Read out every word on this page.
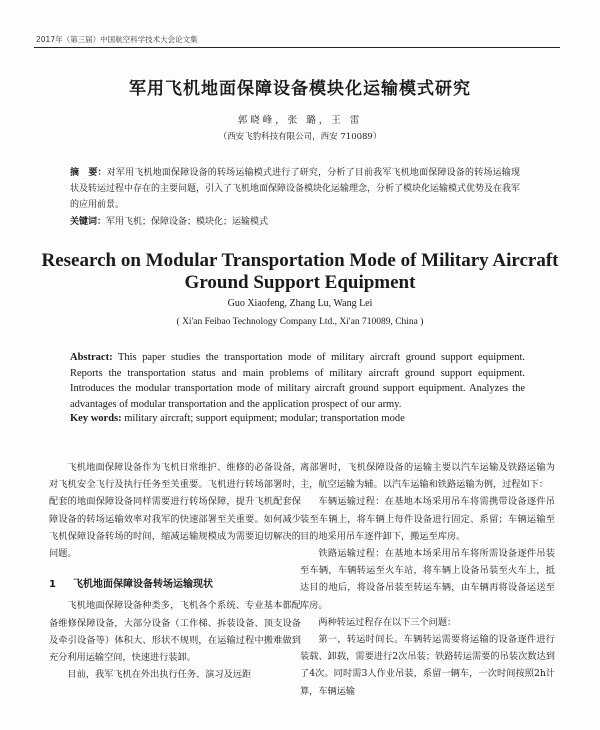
2017年（第三届）中国航空科学技术大会论文集
军用飞机地面保障设备模块化运输模式研究
郭晓峰，张 璐，王 雷
（西安飞豹科技有限公司，西安 710089）
摘　要：对军用飞机地面保障设备的转场运输模式进行了研究，分析了目前我军飞机地面保障设备的转场运输现状及转运过程中存在的主要问题，引入了飞机地面保障设备模块化运输理念，分析了模块化运输模式优势及在我军的应用前景。
关键词：军用飞机；保障设备；模块化；运输模式
Research on Modular Transportation Mode of Military Aircraft Ground Support Equipment
Guo Xiaofeng, Zhang Lu, Wang Lei
( Xi'an Feibao Technology Company Ltd., Xi'an 710089, China )
Abstract: This paper studies the transportation mode of military aircraft ground support equipment. Reports the transportation status and main problems of military aircraft ground support equipment. Introduces the modular transportation mode of military aircraft ground support equipment. Analyzes the advantages of modular transportation and the application prospect of our army.
Key words: military aircraft; support equipment; modular; transportation mode

飞机地面保障设备作为飞机日常维护、维修的必备设备，对飞机安全飞行及执行任务至关重要。飞机进行转场部署时，配套的地面保障设备同样需要进行转场保障，提升飞机配套保障设备的转场运输效率对我军的快速部署至关重要。如何减少飞机保障设备转场的时间，缩减运输规模成为需要迫切解决的问题。

1 飞机地面保障设备转场运输现状

飞机地面保障设备种类多，飞机各个系统、专业基本都配备维修保障设备，大部分设备（工作梯、拆装设备、顶支设备及牵引设备等）体积大、形状不规则，在运输过程中搬难做到充分利用运输空间，快速进行装卸。

目前，我军飞机在外出执行任务、演习及远距

离部署时，飞机保障设备的运输主要以汽车运输及铁路运输为主，航空运输为辅。以汽车运输和铁路运输为例，过程如下：

车辆运输过程：在基地本场采用吊车将需携带设备逐件吊装至车辆上，将车辆上每件设备进行固定、系留；车辆运输至目的地采用吊车逐件卸下，搬运至库房。

铁路运输过程：在基地本场采用吊车将所需设备逐件吊装至车辆，车辆转运至火车站，将车辆上设备吊装至火车上，抵达目的地后，将设备吊装至转运车辆，由车辆再将设备运送至库房。

两种转运过程存在以下三个问题：

第一，转运时间长。车辆转运需要将运输的设备逐件进行装载、卸载，需要进行2次吊装；铁路转运需要的吊装次数达到了4次。同时需3人作业吊装，系留一辆车，一次时间按照2h计算，车辆运输
